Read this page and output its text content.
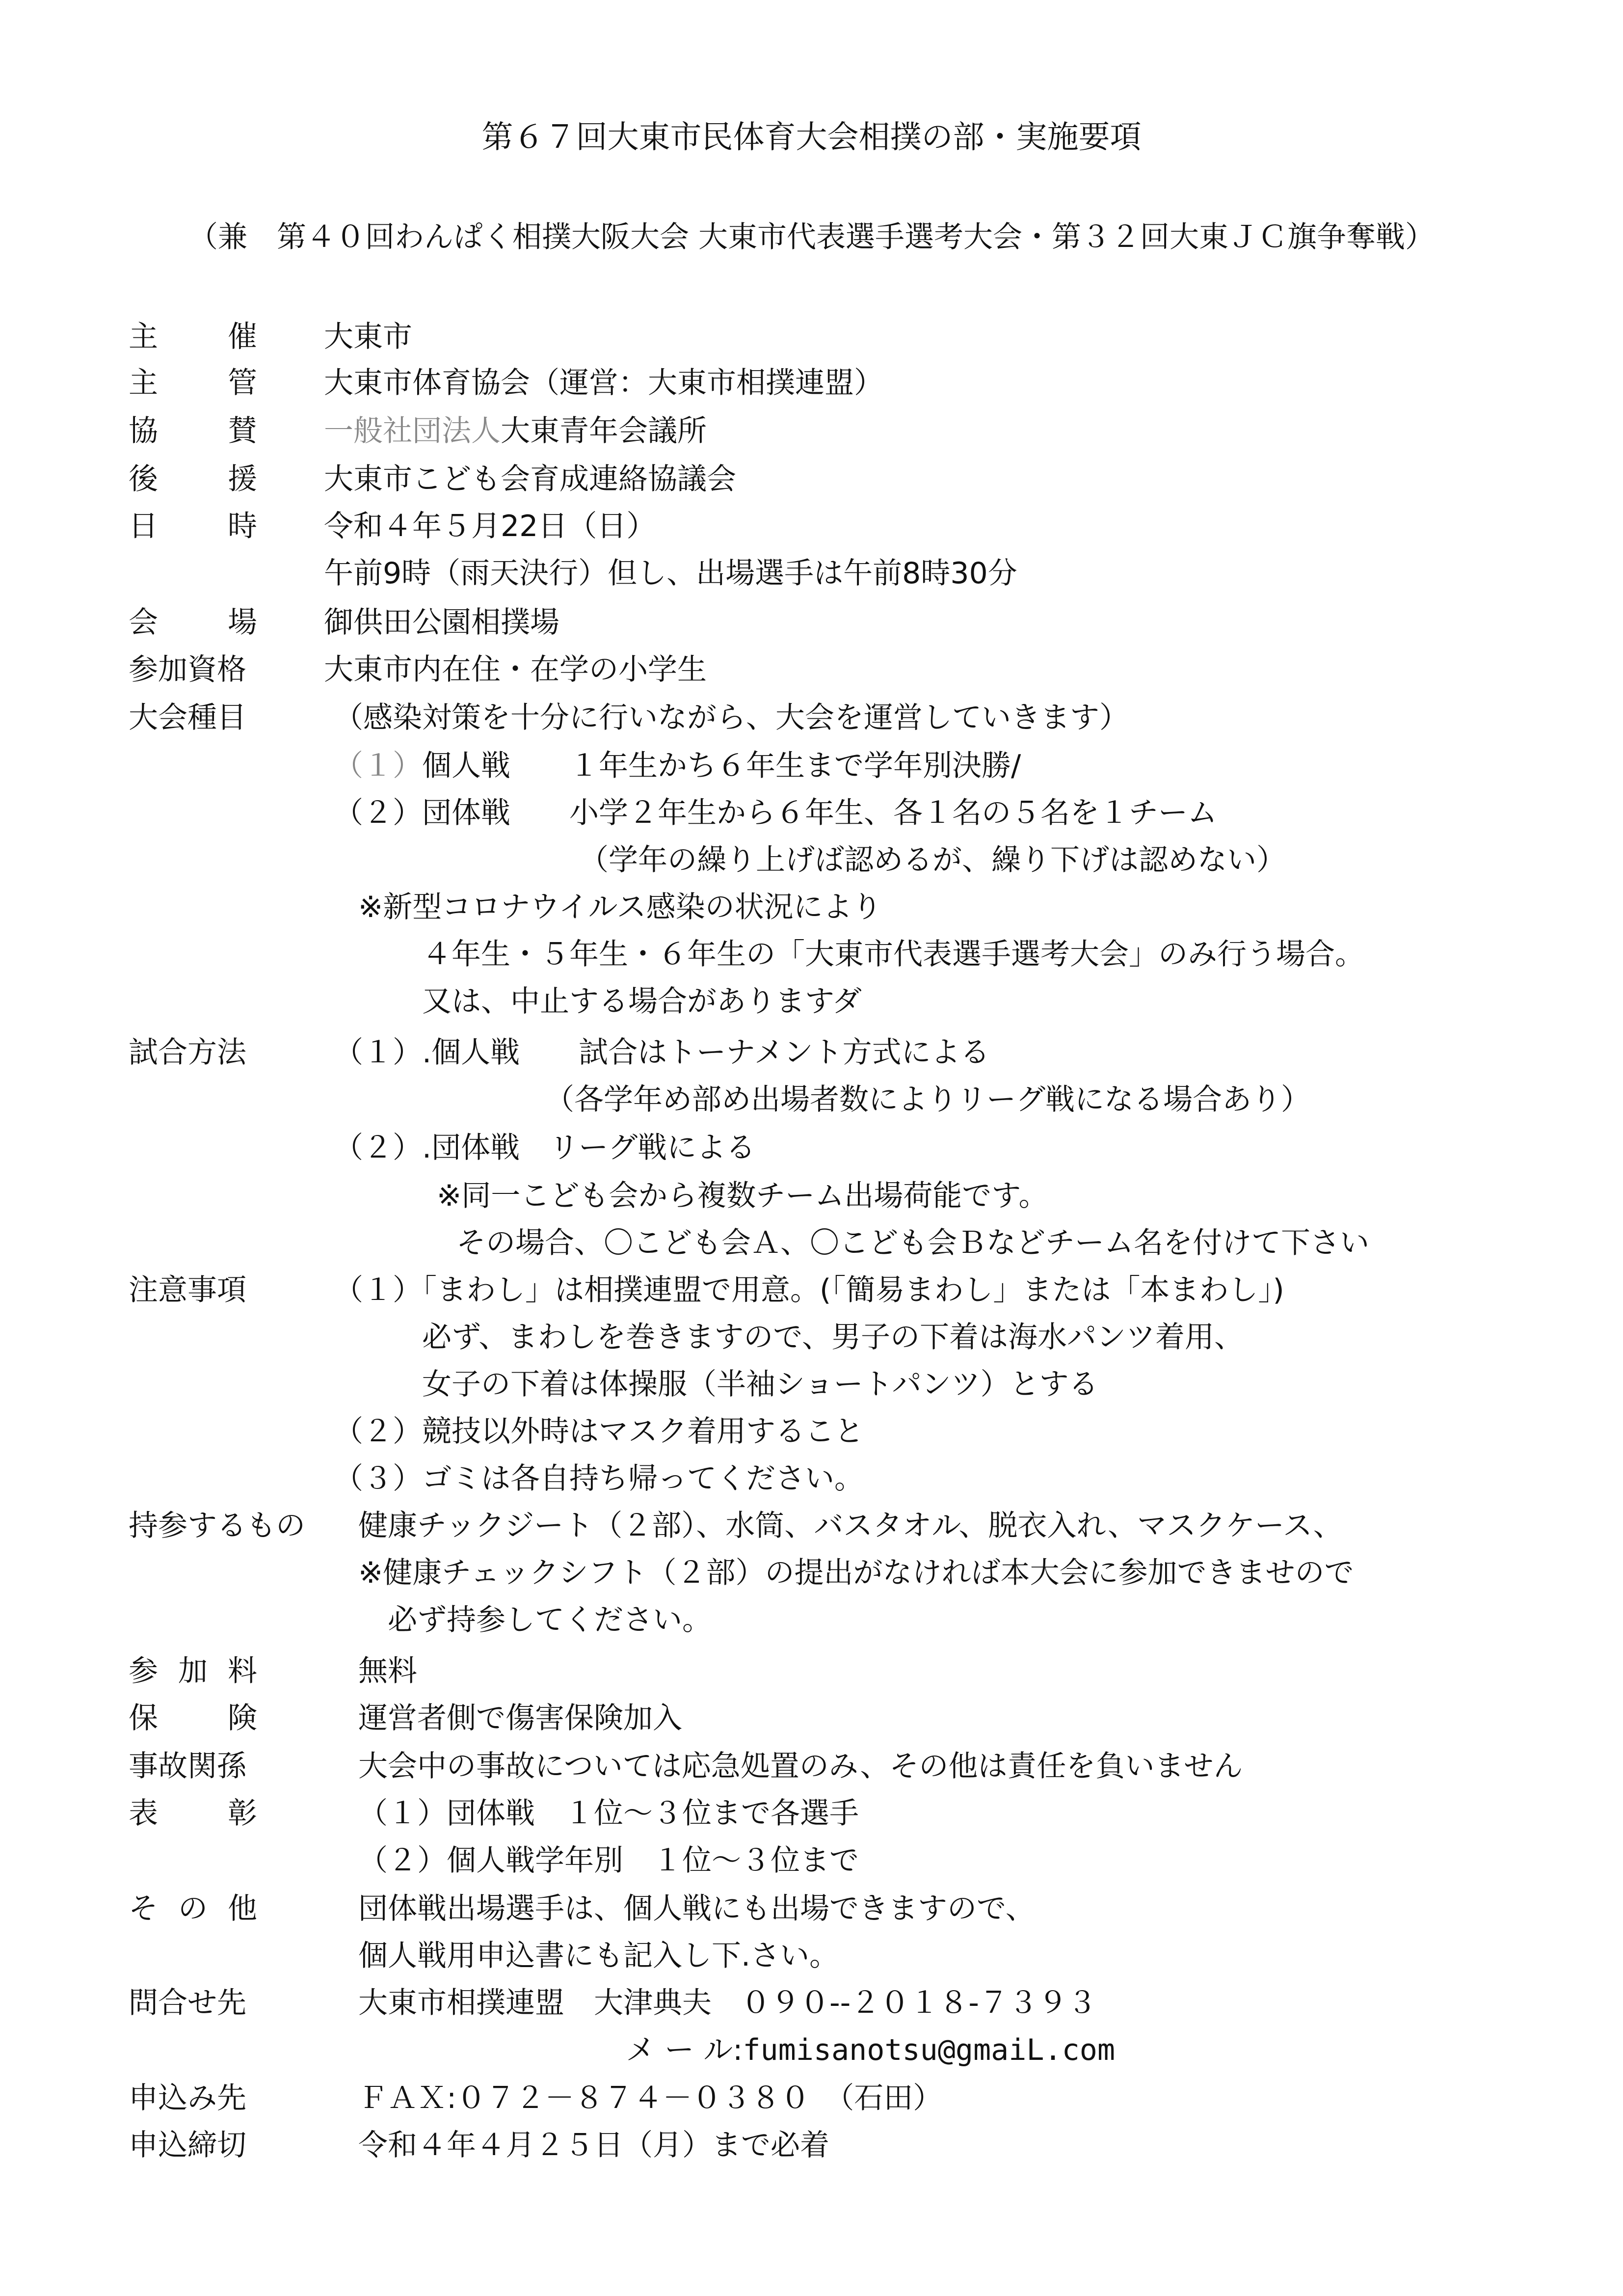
第６７回大東市民体育大会相撲の部・実施要項
（兼　第４０回わんぱく相撲大阪大会 大東市代表選手選考大会・第３２回大東ＪＣ旗争奪戦）
主 催 大東市
主 管 大東市体育協会（運営：大東市相撲連盟）
協 賛 一般社団法人大東青年会議所
後 援 大東市こども会育成連絡協議会
日 時 令和４年５月22日（日）
午前9時（雨天決行）但し、出場選手は午前8時30分
会 場 御供田公園相撲場
参加資格	大東市内在住・在学の小学生
大会種目	（感染対策を十分に行いながら、大会を運営していきます）
（１）個人戦　　１年生かち６年生まで学年別決勝/
（２）団体戦　　小学２年生から６年生、各１名の５名を１チーム
（学年の繰り上げば認めるが、繰り下げは認めない）
※新型コロナウイルス感染の状況により
４年生・５年生・６年生の「大東市代表選手選考大会」のみ行う場合。
又は、中止する場合がありますダ
試合方法	（１）.個人戦　　試合はトーナメント方式による
（各学年め部め出場者数によりリーグ戦になる場合あり）
（２）.団体戦　リーグ戦による
※同一こども会から複数チーム出場荷能です。
その場合、〇こども会Ａ、〇こども会Ｂなどチーム名を付けて下さい
注意事項	（１）「まわし」は相撲連盟で用意。(「簡易まわし」または「本まわし」)
必ず、まわしを巻きますので、男子の下着は海水パンツ着用、
女子の下着は体操服（半袖ショートパンツ）とする
（２）競技以外時はマスク着用すること
（３）ゴミは各自持ち帰ってください。
持参するもの 健康チックジート（２部）、水筒、バスタオル、脱衣入れ、マスクケース、
※健康チェックシフト（２部）の提出がなければ本大会に参加できませので
必ず持参してください。
参 加 料	無料
保 険	運営者側で傷害保険加入
事故関孫	大会中の事故については応急処置のみ、その他は責任を負いません
表 彰	（１）団体戦　１位～３位まで各選手
（２）個人戦学年別　１位～３位まで
そ の 他	団体戦出場選手は、個人戦にも出場できますので、
個人戦用申込書にも記入し下.さい。
問合せ先	大東市相撲連盟　大津典夫　０９０--２０１８-７３９３
メ ー ル:fumisanotsu@gmaiL.com
申込み先	ＦＡＸ:０７２－８７４－０３８０　（石田）
申込締切	令和４年４月２５日（月）まで必着
